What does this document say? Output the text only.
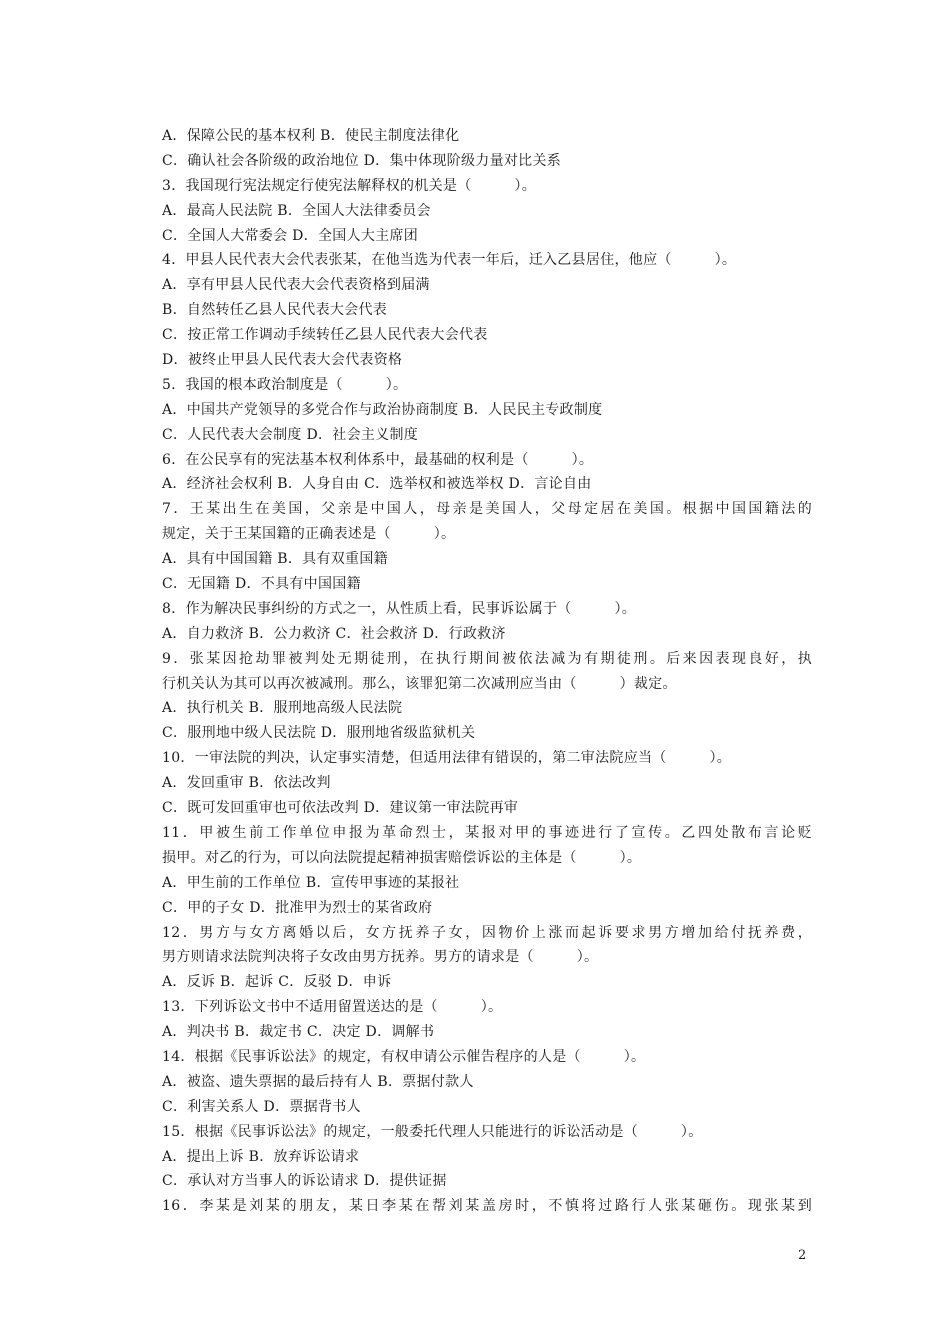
A．保障公民的基本权利 B．使民主制度法律化
C．确认社会各阶级的政治地位 D．集中体现阶级力量对比关系
3．我国现行宪法规定行使宪法解释权的机关是（　　　）。
A．最高人民法院 B．全国人大法律委员会
C．全国人大常委会 D．全国人大主席团
4．甲县人民代表大会代表张某，在他当选为代表一年后，迁入乙县居住，他应（　　　）。
A．享有甲县人民代表大会代表资格到届满
B．自然转任乙县人民代表大会代表
C．按正常工作调动手续转任乙县人民代表大会代表
D．被终止甲县人民代表大会代表资格
5．我国的根本政治制度是（　　　）。
A．中国共产党领导的多党合作与政治协商制度 B．人民民主专政制度
C．人民代表大会制度 D．社会主义制度
6．在公民享有的宪法基本权利体系中，最基础的权利是（　　　）。
A．经济社会权利 B．人身自由 C．选举权和被选举权 D．言论自由
7．王某出生在美国，父亲是中国人，母亲是美国人，父母定居在美国。根据中国国籍法的
规定，关于王某国籍的正确表述是（　　　）。
A．具有中国国籍 B．具有双重国籍
C．无国籍 D．不具有中国国籍
8．作为解决民事纠纷的方式之一，从性质上看，民事诉讼属于（　　　）。
A．自力救济 B．公力救济 C．社会救济 D．行政救济
9．张某因抢劫罪被判处无期徒刑，在执行期间被依法减为有期徒刑。后来因表现良好，执
行机关认为其可以再次被减刑。那么，该罪犯第二次减刑应当由（　　　）裁定。
A．执行机关 B．服刑地高级人民法院
C．服刑地中级人民法院 D．服刑地省级监狱机关
10．一审法院的判决，认定事实清楚，但适用法律有错误的，第二审法院应当（　　　）。
A．发回重审 B．依法改判
C．既可发回重审也可依法改判 D．建议第一审法院再审
11．甲被生前工作单位申报为革命烈士，某报对甲的事迹进行了宣传。乙四处散布言论贬
损甲。对乙的行为，可以向法院提起精神损害赔偿诉讼的主体是（　　　）。
A．甲生前的工作单位 B．宣传甲事迹的某报社
C．甲的子女 D．批准甲为烈士的某省政府
12．男方与女方离婚以后，女方抚养子女，因物价上涨而起诉要求男方增加给付抚养费，
男方则请求法院判决将子女改由男方抚养。男方的请求是（　　　）。
A．反诉 B．起诉 C．反驳 D．申诉
13．下列诉讼文书中不适用留置送达的是（　　　）。
A．判决书 B．裁定书 C．决定 D．调解书
14．根据《民事诉讼法》的规定，有权申请公示催告程序的人是（　　　）。
A．被盗、遗失票据的最后持有人 B．票据付款人
C．利害关系人 D．票据背书人
15．根据《民事诉讼法》的规定，一般委托代理人只能进行的诉讼活动是（　　　）。
A．提出上诉 B．放弃诉讼请求
C．承认对方当事人的诉讼请求 D．提供证据
16．李某是刘某的朋友，某日李某在帮刘某盖房时，不慎将过路行人张某砸伤。现张某到
2
